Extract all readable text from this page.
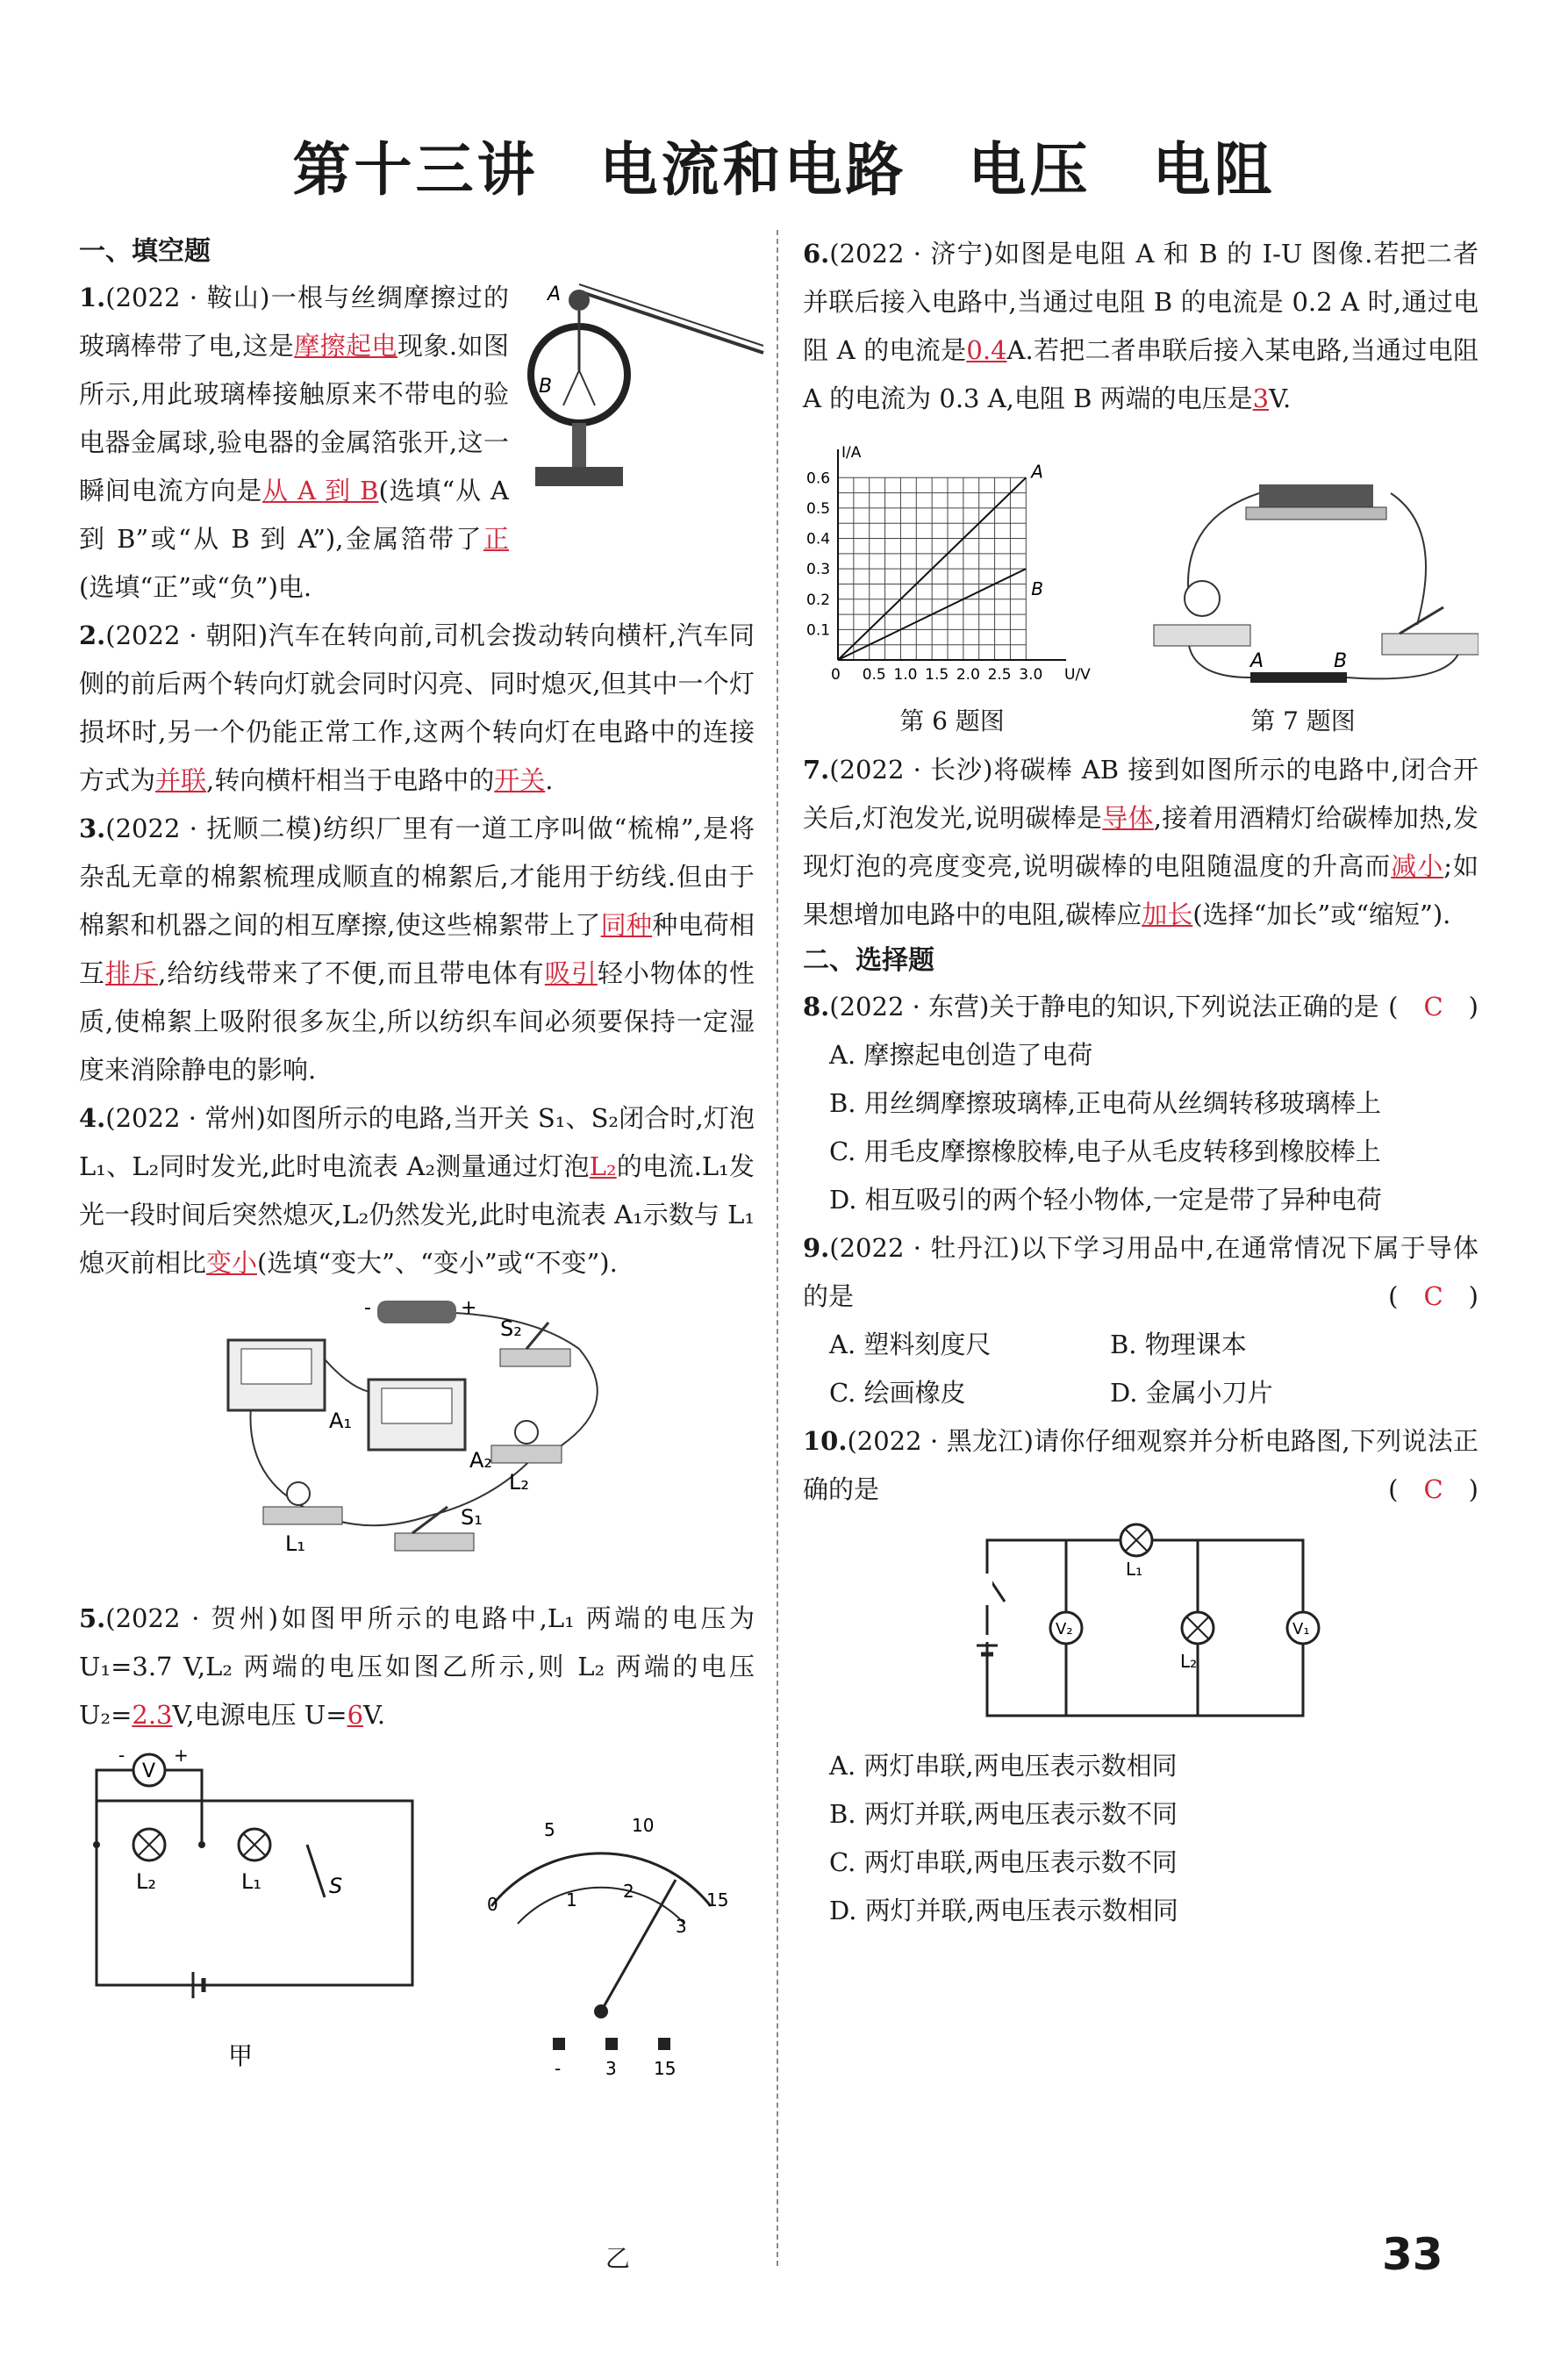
第十三讲　电流和电路　电压　电阻
一、填空题
A
B

1.(2022 · 鞍山)一根与丝绸摩擦过的玻璃棒带了电,这是摩擦起电现象.如图所示,用此玻璃棒接触原来不带电的验电器金属球,验电器的金属箔张开,这一瞬间电流方向是从 A 到 B(选填“从 A 到 B”或“从 B 到 A”),金属箔带了正(选填“正”或“负”)电.

2.(2022 · 朝阳)汽车在转向前,司机会拨动转向横杆,汽车同侧的前后两个转向灯就会同时闪亮、同时熄灭,但其中一个灯损坏时,另一个仍能正常工作,这两个转向灯在电路中的连接方式为并联,转向横杆相当于电路中的开关.

3.(2022 · 抚顺二模)纺织厂里有一道工序叫做“梳棉”,是将杂乱无章的棉絮梳理成顺直的棉絮后,才能用于纺线.但由于棉絮和机器之间的相互摩擦,使这些棉絮带上了同种种电荷相互排斥,给纺线带来了不便,而且带电体有吸引轻小物体的性质,使棉絮上吸附很多灰尘,所以纺织车间必须要保持一定湿度来消除静电的影响.

4.(2022 · 常州)如图所示的电路,当开关 S₁、S₂闭合时,灯泡 L₁、L₂同时发光,此时电流表 A₂测量通过灯泡L₂的电流.L₁发光一段时间后突然熄灭,L₂仍然发光,此时电流表 A₁示数与 L₁熄灭前相比变小(选填“变大”、“变小”或“不变”).

-	+
A₁
A₂
S₂
L₁
S₁
L₂

5.(2022 · 贺州)如图甲所示的电路中,L₁ 两端的电压为 U₁=3.7 V,L₂ 两端的电压如图乙所示,则 L₂ 两端的电压 U₂=2.3V,电源电压 U=6V.

V
-	+
L₂	L₁	S
甲
0
5	10
15
1	2
3
-	3 15
乙

6.(2022 · 济宁)如图是电阻 A 和 B 的 I-U 图像.若把二者并联后接入电路中,当通过电阻 B 的电流是 0.2 A 时,通过电阻 A 的电流是0.4A.若把二者串联后接入某电路,当通过电阻 A 的电流为 0.3 A,电阻 B 两端的电压是3V.

0 0.5 1.0 1.5 2.0 2.5 3.0
0.1
0.2
0.3
0.4
0.5
0.6
U/V
I/A
A
B
第 6 题图
A	B
第 7 题图

7.(2022 · 长沙)将碳棒 AB 接到如图所示的电路中,闭合开关后,灯泡发光,说明碳棒是导体,接着用酒精灯给碳棒加热,发现灯泡的亮度变亮,说明碳棒的电阻随温度的升高而减小;如果想增加电路中的电阻,碳棒应加长(选择“加长”或“缩短”).

二、选择题

8.(2022 · 东营)关于静电的知识,下列说法正确的是 (　 C　 )

A. 摩擦起电创造了电荷
B. 用丝绸摩擦玻璃棒,正电荷从丝绸转移玻璃棒上
C. 用毛皮摩擦橡胶棒,电子从毛皮转移到橡胶棒上
D. 相互吸引的两个轻小物体,一定是带了异种电荷

9.(2022 · 牡丹江)以下学习用品中,在通常情况下属于导体的是	(　 C　 )

A. 塑料刻度尺	B. 物理课本
C. 绘画橡皮	D. 金属小刀片

10.(2022 · 黑龙江)请你仔细观察并分析电路图,下列说法正确的是	(　 C　 )

L₁
L₂
V₂	V₁
A. 两灯串联,两电压表示数相同
B. 两灯并联,两电压表示数不同
C. 两灯串联,两电压表示数不同
D. 两灯并联,两电压表示数相同
33
